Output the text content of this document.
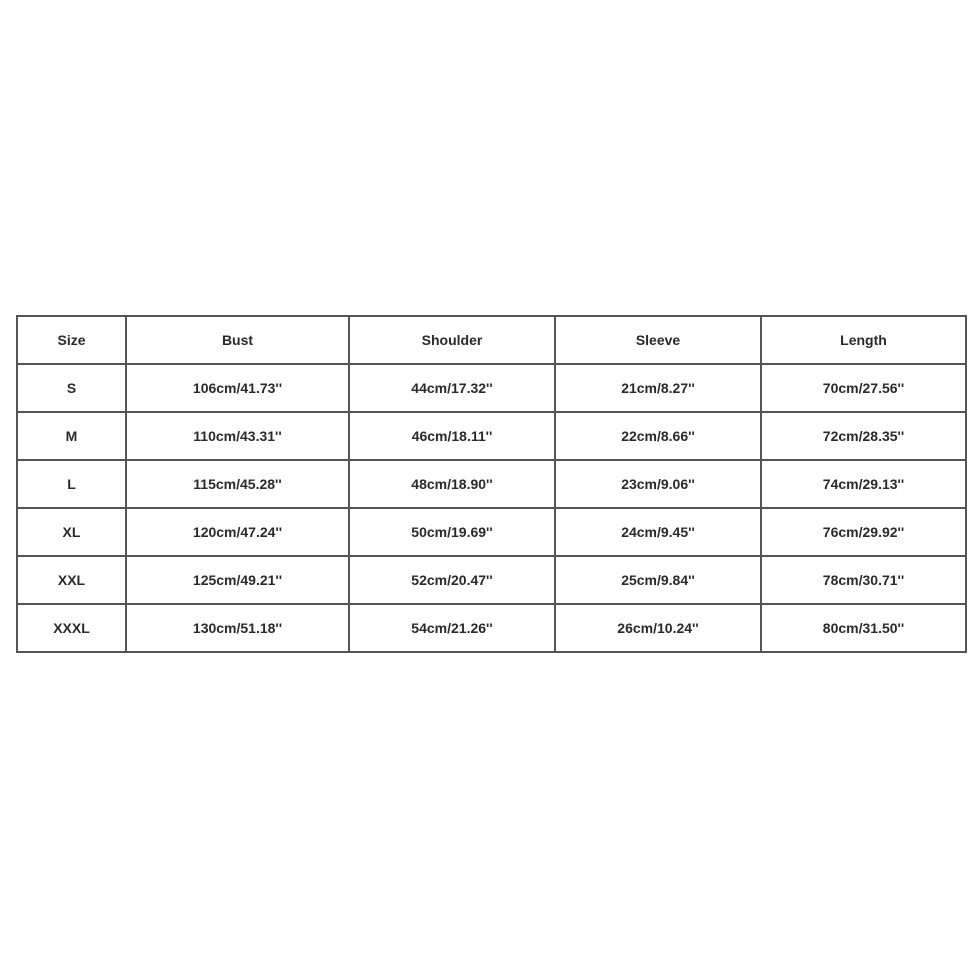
Size	Bust	Shoulder	Sleeve	Length
S	106cm/41.73''	44cm/17.32''	21cm/8.27''	70cm/27.56''
M	110cm/43.31''	46cm/18.11''	22cm/8.66''	72cm/28.35''
L	115cm/45.28''	48cm/18.90''	23cm/9.06''	74cm/29.13''
XL	120cm/47.24''	50cm/19.69''	24cm/9.45''	76cm/29.92''
XXL	125cm/49.21''	52cm/20.47''	25cm/9.84''	78cm/30.71''
XXXL	130cm/51.18''	54cm/21.26''	26cm/10.24''	80cm/31.50''
